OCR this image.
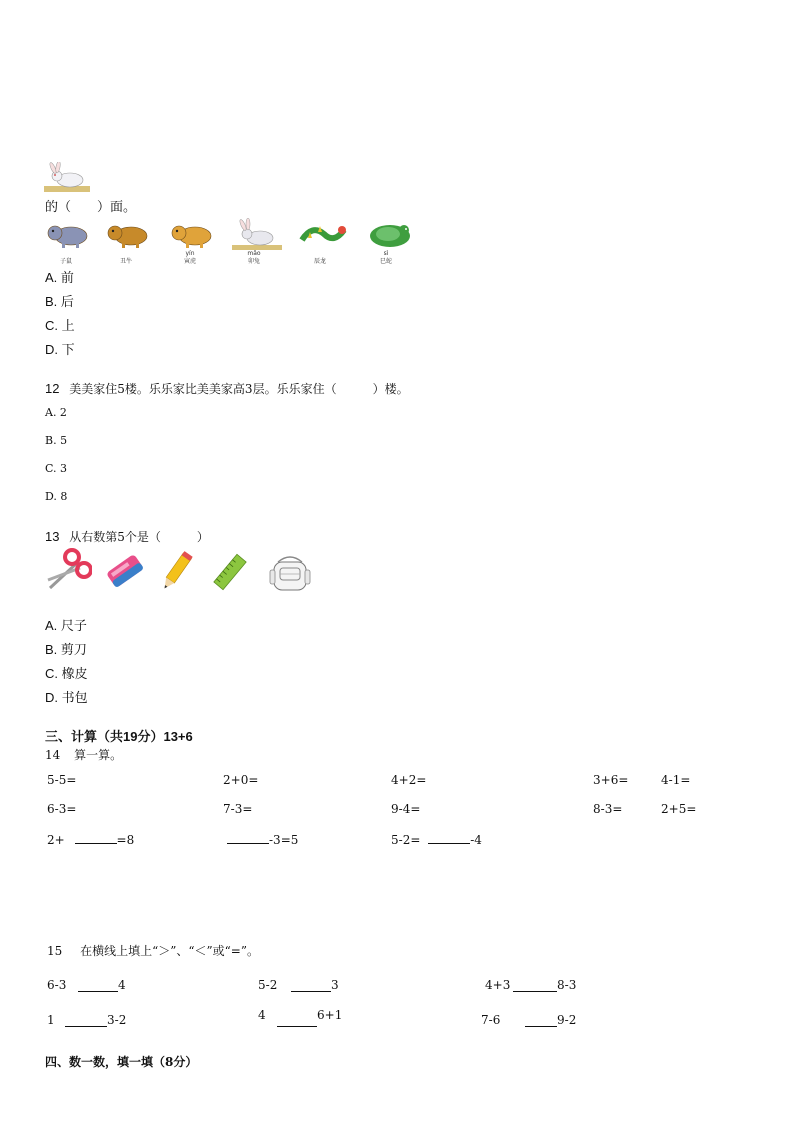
的（　　）面。
子鼠	丑牛
yín
寅虎
mǎo
卯兔	辰龙
sì
巳蛇
A. 前
B. 后
C. 上
D. 下
12 美美家住5楼。乐乐家比美美家高3层。乐乐家住（　　　）楼。
A. 2
B. 5
C. 3
D. 8
13 从右数第5个是（　　　）
A. 尺子
B. 剪刀
C. 橡皮
D. 书包
三、计算（共19分）13+6
14 算一算。
5-5=	2+0=	4+2=	3+6=	4-1=
6-3=	7-3=	9-4=	8-3=	2+5=
2+	=8	-3=5	5-2=	-4
15 在横线上填上“＞”、“＜”或“=”。
6-3	4	5-2	3	4+3	8-3
1	3-2	4	6+1	7-6	9-2
四、数一数，填一填（8分）
